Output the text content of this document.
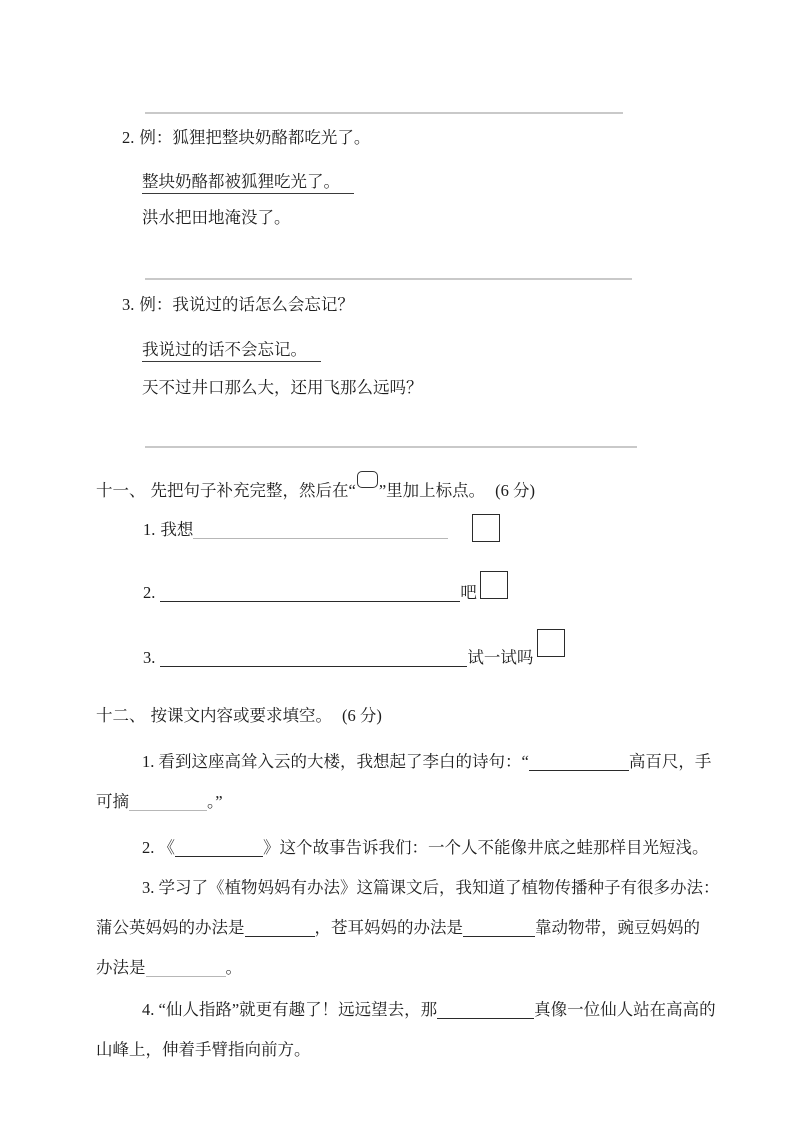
2. 例：狐狸把整块奶酪都吃光了。
整块奶酪都被狐狸吃光了。
洪水把田地淹没了。
3. 例：我说过的话怎么会忘记？
我说过的话不会忘记。
天不过井口那么大，还用飞那么远吗？
十一、 先把句子补充完整，然后在“ ”里加上标点。 (6 分)
1. 我想
2.	吧
3.	试一试吗
十二、 按课文内容或要求填空。 (6 分)
1. 看到这座高耸入云的大楼，我想起了李白的诗句：“	高百尺，手
可摘	。”
2. 《	》这个故事告诉我们：一个人不能像井底之蛙那样目光短浅。
3. 学习了《植物妈妈有办法》这篇课文后，我知道了植物传播种子有很多办法：
蒲公英妈妈的办法是	，苍耳妈妈的办法是	靠动物带，豌豆妈妈的
办法是	。
4. “仙人指路”就更有趣了！远远望去，那	真像一位仙人站在高高的
山峰上，伸着手臂指向前方。
